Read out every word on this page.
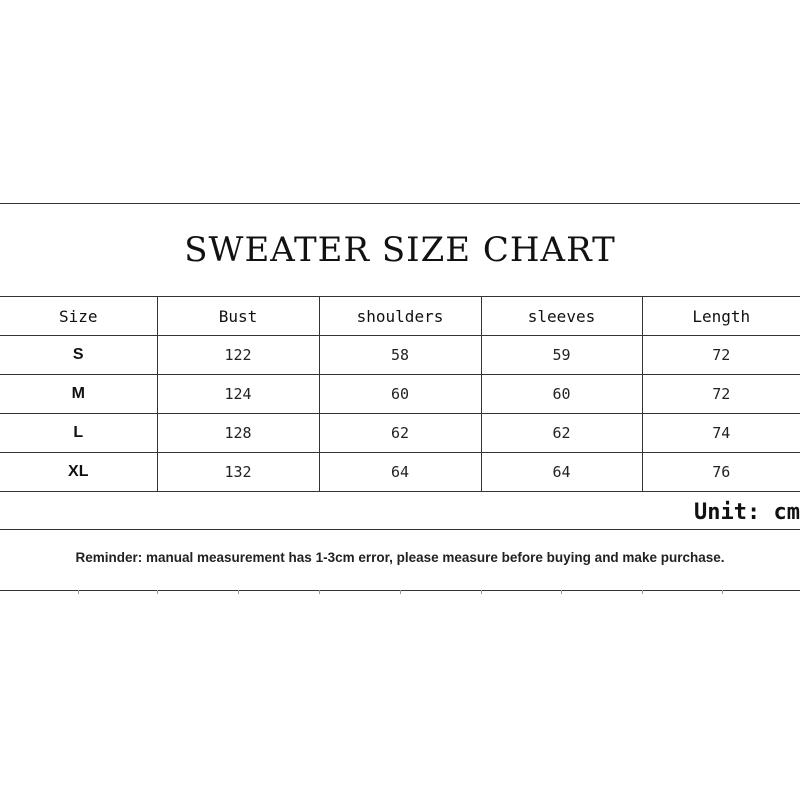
SWEATER SIZE CHART
Size	Bust	shoulders	sleeves	Length
S	122	58	59	72
M	124	60	60	72
L	128	62	62	74
XL	132	64	64	76
Unit: cm
Reminder: manual measurement has 1-3cm error, please measure before buying and make purchase.
